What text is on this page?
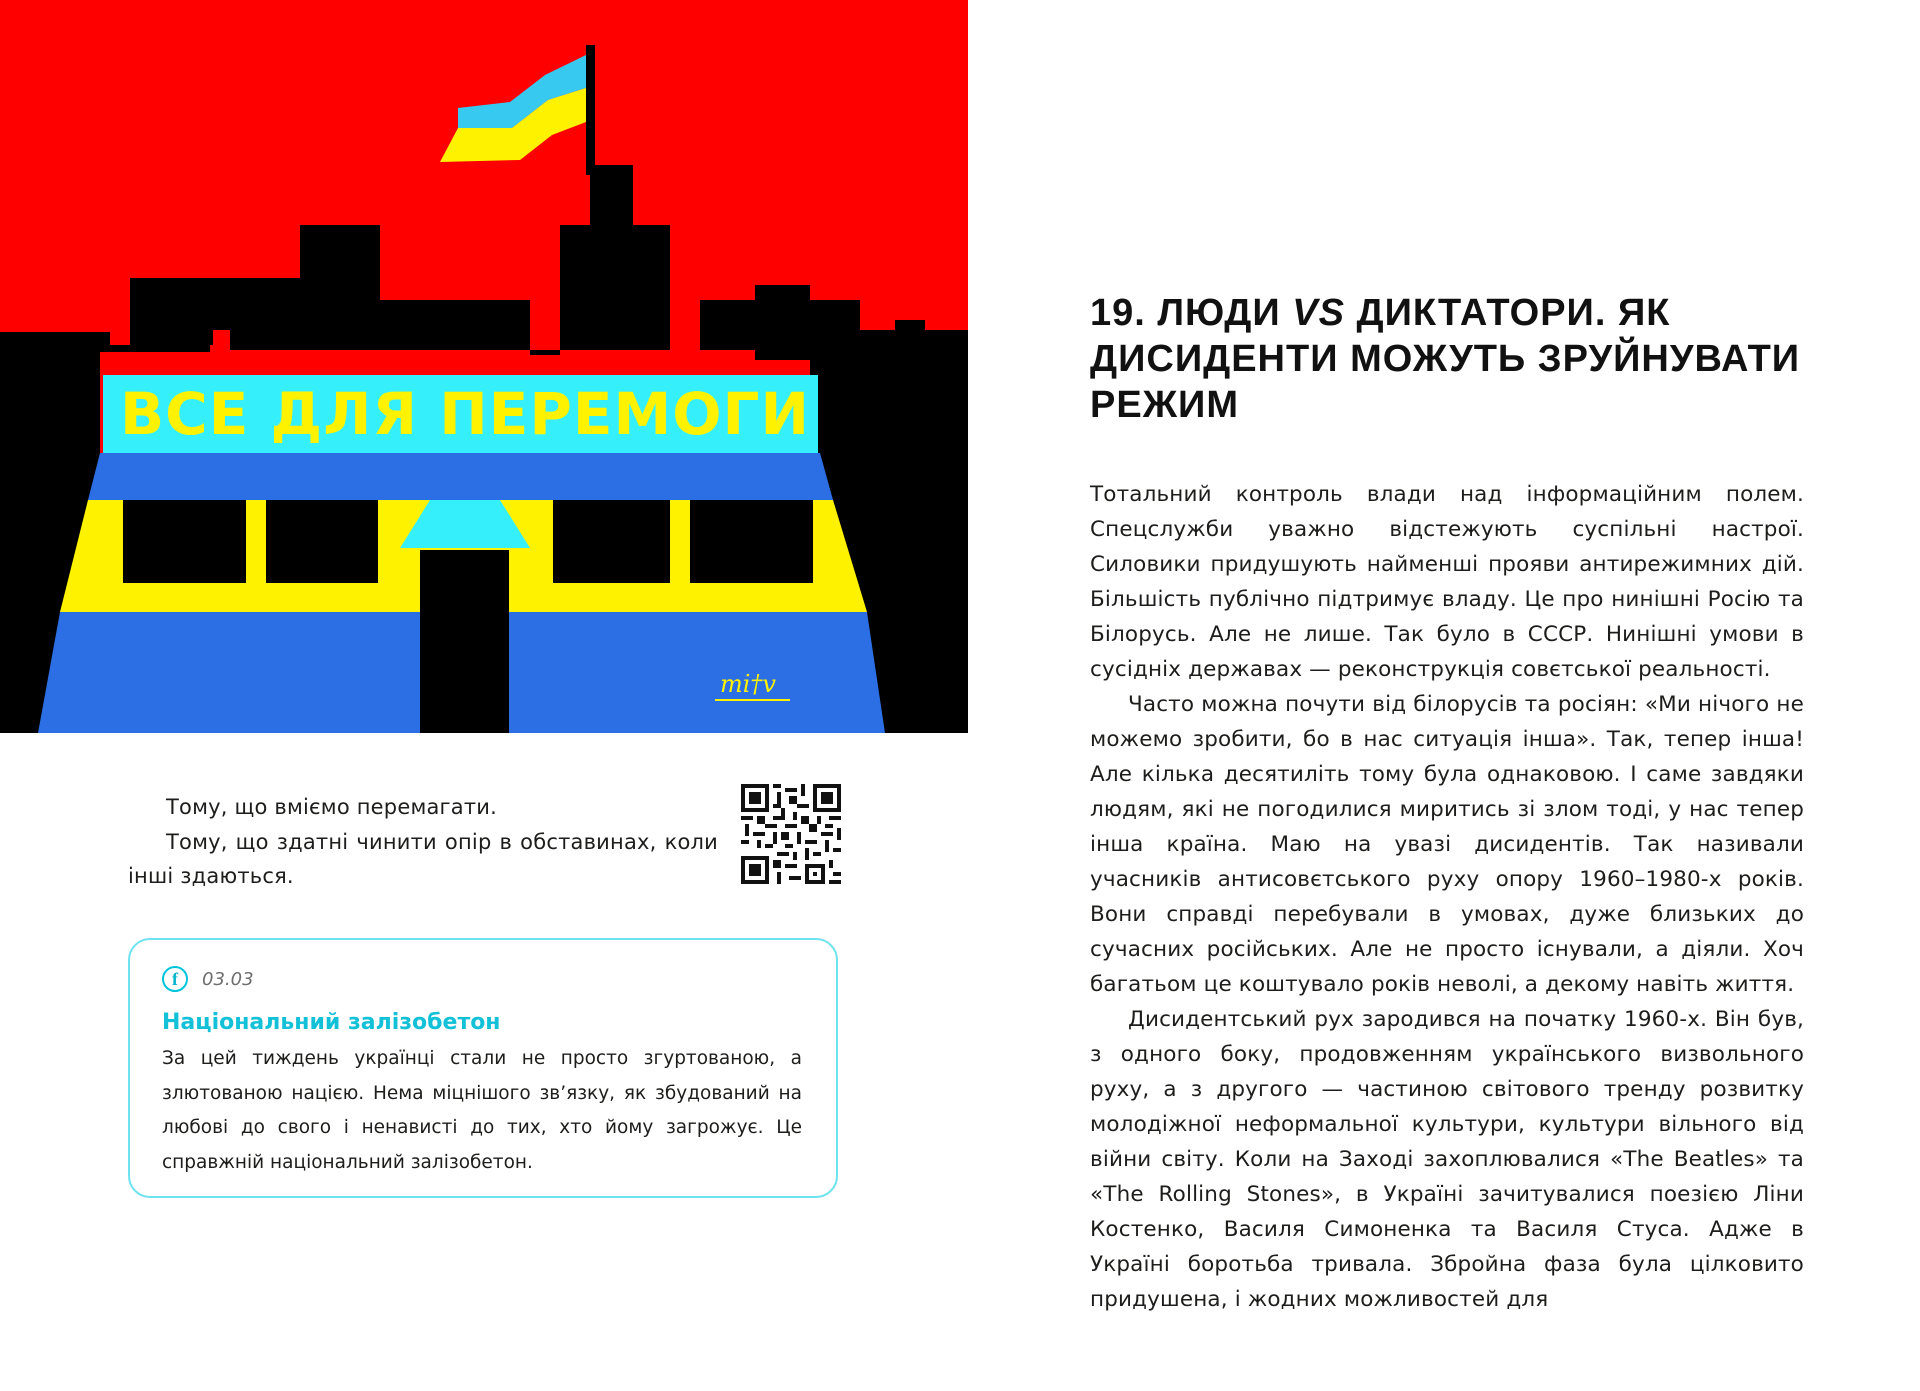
ВСЕ ДЛЯ ПЕРЕМОГИ
ті†v

Тому, що вміємо перемагати.

Тому, що здатні чинити опір в обставинах, коли інші здаються.

f	03.03
Національний залізобетон
За цей тиждень українці стали не просто згуртованою, а злютованою нацією. Нема міцнішого зв’язку, як збудований на любові до свого і ненависті до тих, хто йому загрожує. Це справжній національний залізобетон.
19. ЛЮДИ VS ДИКТАТОРИ. ЯК ДИСИДЕНТИ МОЖУТЬ ЗРУЙНУВАТИ РЕЖИМ

Тотальний контроль влади над інформаційним полем. Спецслужби уважно відстежують суспільні настрої. Силовики придушують найменші прояви антирежимних дій. Більшість публічно підтримує владу. Це про нинішні Росію та Білорусь. Але не лише. Так було в СССР. Нинішні умови в сусідніх державах — реконструкція совєтської реальності.

Часто можна почути від білорусів та росіян: «Ми нічого не можемо зробити, бо в нас ситуація інша». Так, тепер інша! Але кілька десятиліть тому була однаковою. І саме завдяки людям, які не погодилися миритись зі злом тоді, у нас тепер інша країна. Маю на увазі дисидентів. Так називали учасників антисовєтського руху опору 1960–1980-х років. Вони справді перебували в умовах, дуже близьких до сучасних російських. Але не просто існували, а діяли. Хоч багатьом це коштувало років неволі, а декому навіть життя.

Дисидентський рух зародився на початку 1960-х. Він був, з одного боку, продовженням українського визвольного руху, а з другого — частиною світового тренду розвитку молодіжної неформальної культури, культури вільного від війни світу. Коли на Заході захоплювалися «The Beatles» та «The Rolling Stones», в Україні зачитувалися поезією Ліни Костенко, Василя Симоненка та Василя Стуса. Адже в Україні боротьба тривала. Збройна фаза була цілковито придушена, і жодних можливостей для
